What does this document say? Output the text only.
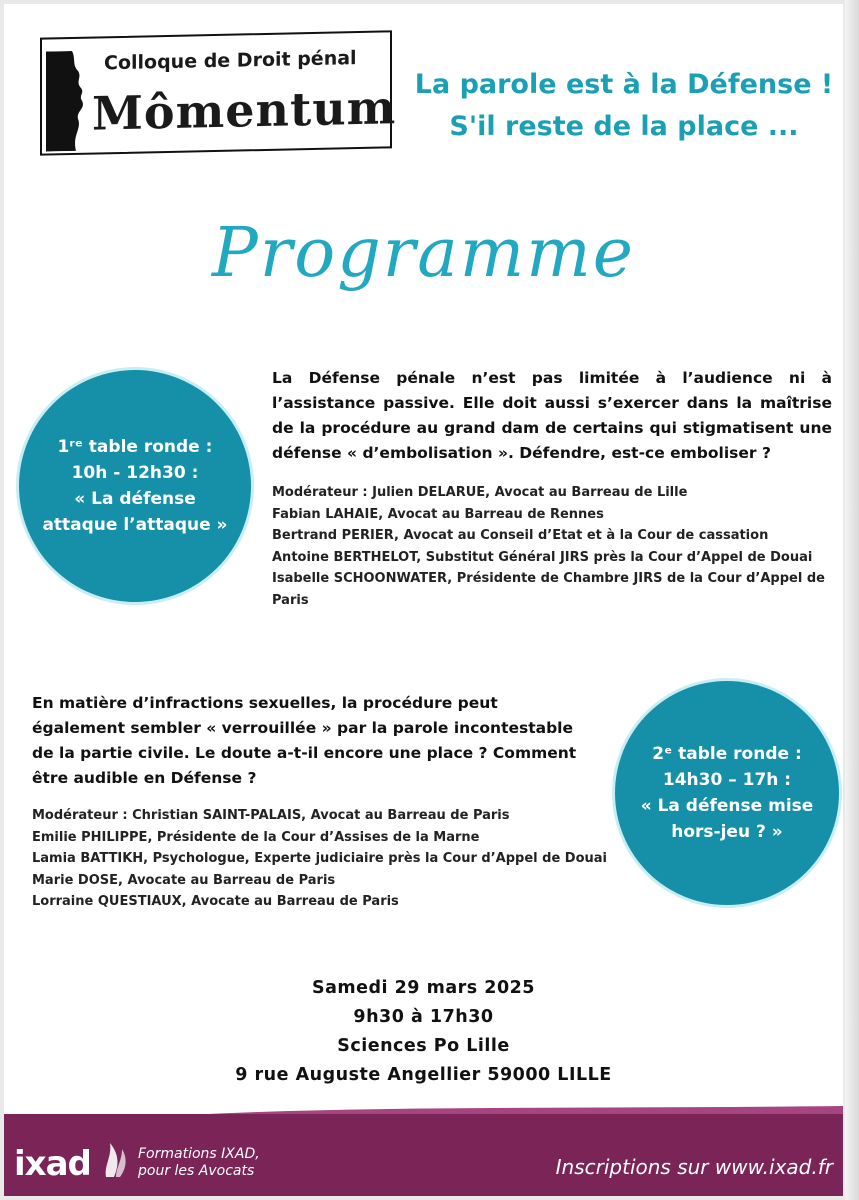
Colloque de Droit pénal
Mômentum La parole est à la Défense !
S'il reste de la place ...
Programme
1ʳᵉ table ronde :
10h - 12h30 :
« La défense
attaque l’attaque »
La Défense pénale n’est pas limitée à l’audience ni à l’assistance passive. Elle doit aussi s’exercer dans la maîtrise de la procédure au grand dam de certains qui stigmatisent une défense « d’embolisation ». Défendre, est-ce emboliser ?
Modérateur : Julien DELARUE, Avocat au Barreau de Lille
Fabian LAHAIE, Avocat au Barreau de Rennes
Bertrand PERIER, Avocat au Conseil d’Etat et à la Cour de cassation
Antoine BERTHELOT, Substitut Général JIRS près la Cour d’Appel de Douai
Isabelle SCHOONWATER, Présidente de Chambre JIRS de la Cour d’Appel de Paris
En matière d’infractions sexuelles, la procédure peut également sembler « verrouillée » par la parole incontestable de la partie civile. Le doute a-t-il encore une place ? Comment être audible en Défense ?
Modérateur : Christian SAINT-PALAIS, Avocat au Barreau de Paris
Emilie PHILIPPE, Présidente de la Cour d’Assises de la Marne
Lamia BATTIKH, Psychologue, Experte judiciaire près la Cour d’Appel de Douai
Marie DOSE, Avocate au Barreau de Paris
Lorraine QUESTIAUX, Avocate au Barreau de Paris
2ᵉ table ronde :
14h30 – 17h :
« La défense mise
hors-jeu ? »
Samedi 29 mars 2025
9h30 à 17h30
Sciences Po Lille
9 rue Auguste Angellier 59000 LILLE
ixad	Formations IXAD,
pour les Avocats	Inscriptions sur www.ixad.fr
